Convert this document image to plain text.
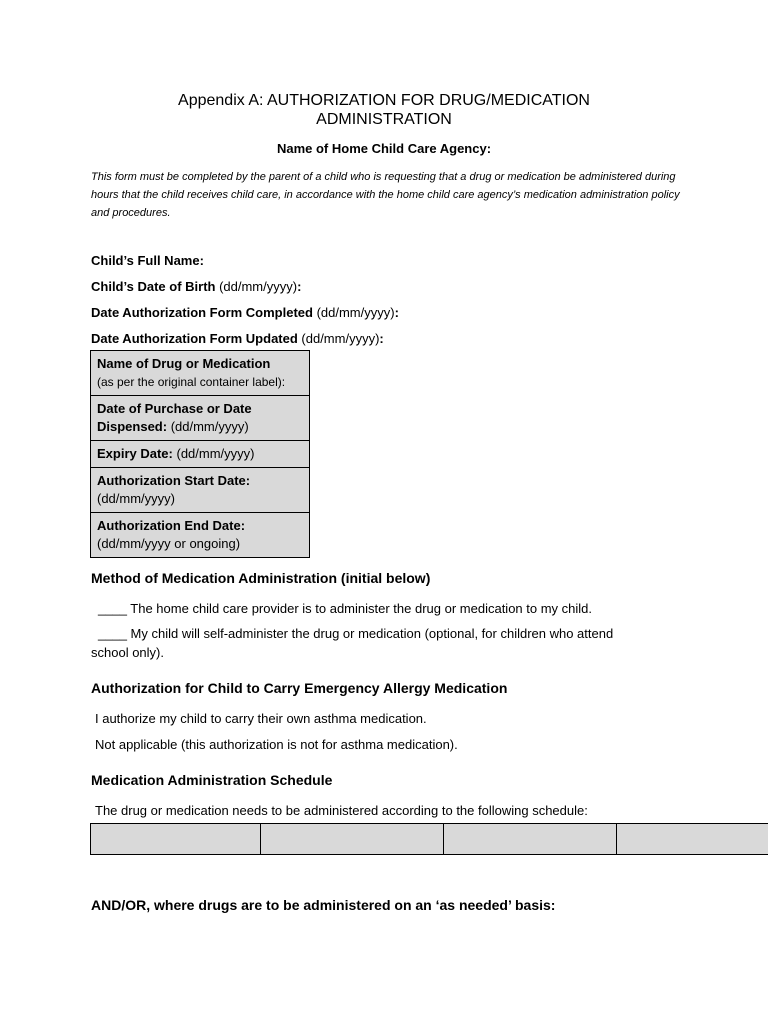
Appendix A: AUTHORIZATION FOR DRUG/MEDICATION
ADMINISTRATION
Name of Home Child Care Agency:
This form must be completed by the parent of a child who is requesting that a drug or medication be administered during hours that the child receives child care, in accordance with the home child care agency’s medication administration policy and procedures.
Child’s Full Name:
Child’s Date of Birth (dd/mm/yyyy):
Date Authorization Form Completed (dd/mm/yyyy):
Date Authorization Form Updated (dd/mm/yyyy):
Name of Drug or Medication
(as per the original container label):
Date of Purchase or Date Dispensed: (dd/mm/yyyy)
Expiry Date: (dd/mm/yyyy)
Authorization Start Date:
(dd/mm/yyyy)
Authorization End Date:
(dd/mm/yyyy or ongoing)
Method of Medication Administration (initial below)
____ The home child care provider is to administer the drug or medication to my child.
____ My child will self-administer the drug or medication (optional, for children who attend
school only).
Authorization for Child to Carry Emergency Allergy Medication
I authorize my child to carry their own asthma medication.
Not applicable (this authorization is not for asthma medication).
Medication Administration Schedule
The drug or medication needs to be administered according to the following schedule:

AND/OR, where drugs are to be administered on an ‘as needed’ basis:
